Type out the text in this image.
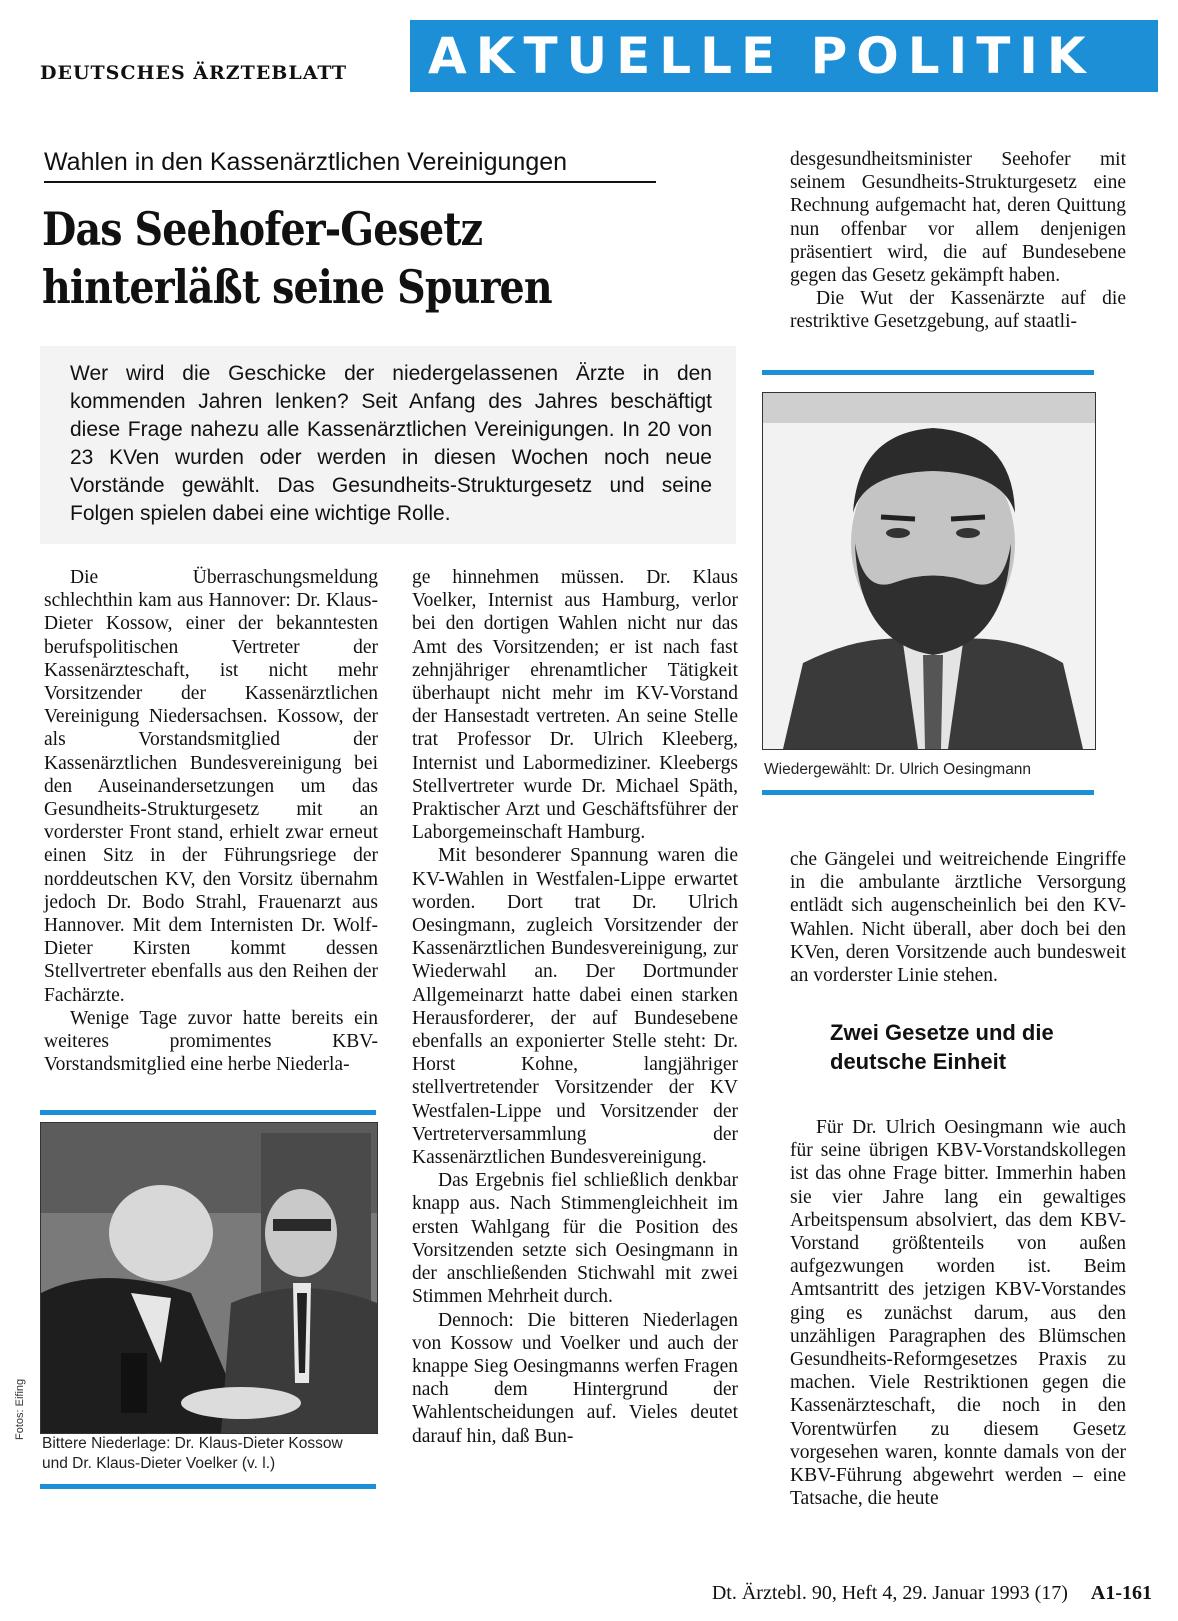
DEUTSCHES ÄRZTEBLATT AKTUELLE POLITIK
Wahlen in den Kassenärztlichen Vereinigungen
Das Seehofer-Gesetz
hinterläßt seine Spuren
Wer wird die Geschicke der niedergelassenen Ärzte in den kommenden Jahren lenken? Seit Anfang des Jahres beschäftigt diese Frage nahezu alle Kassenärztlichen Vereinigungen. In 20 von 23 KVen wurden oder werden in diesen Wochen noch neue Vorstände gewählt. Das Gesundheits-Strukturgesetz und seine Folgen spielen dabei eine wichtige Rolle.

Die Überraschungsmeldung schlechthin kam aus Hannover: Dr. Klaus-Dieter Kossow, einer der bekanntesten berufspolitischen Vertreter der Kassenärzteschaft, ist nicht mehr Vorsitzender der Kassenärztlichen Vereinigung Niedersachsen. Kossow, der als Vorstandsmitglied der Kassenärztlichen Bundesvereinigung bei den Auseinandersetzungen um das Gesundheits-Strukturgesetz mit an vorderster Front stand, erhielt zwar erneut einen Sitz in der Führungsriege der norddeutschen KV, den Vorsitz übernahm jedoch Dr. Bodo Strahl, Frauenarzt aus Hannover. Mit dem Internisten Dr. Wolf-Dieter Kirsten kommt dessen Stellvertreter ebenfalls aus den Reihen der Fachärzte.

Wenige Tage zuvor hatte bereits ein weiteres promimentes KBV-Vorstandsmitglied eine herbe Niederla-

Bittere Niederlage: Dr. Klaus-Dieter Kossow
und Dr. Klaus-Dieter Voelker (v. l.)
Fotos: Eifing

ge hinnehmen müssen. Dr. Klaus Voelker, Internist aus Hamburg, verlor bei den dortigen Wahlen nicht nur das Amt des Vorsitzenden; er ist nach fast zehnjähriger ehrenamtlicher Tätigkeit überhaupt nicht mehr im KV-Vorstand der Hansestadt vertreten. An seine Stelle trat Professor Dr. Ulrich Kleeberg, Internist und Labormediziner. Kleebergs Stellvertreter wurde Dr. Michael Späth, Praktischer Arzt und Geschäftsführer der Laborgemeinschaft Hamburg.

Mit besonderer Spannung waren die KV-Wahlen in Westfalen-Lippe erwartet worden. Dort trat Dr. Ulrich Oesingmann, zugleich Vorsitzender der Kassenärztlichen Bundesvereinigung, zur Wiederwahl an. Der Dortmunder Allgemeinarzt hatte dabei einen starken Herausforderer, der auf Bundesebene ebenfalls an exponierter Stelle steht: Dr. Horst Kohne, langjähriger stellvertretender Vorsitzender der KV Westfalen-Lippe und Vorsitzender der Vertreterversammlung der Kassenärztlichen Bundesvereinigung.

Das Ergebnis fiel schließlich denkbar knapp aus. Nach Stimmengleichheit im ersten Wahlgang für die Position des Vorsitzenden setzte sich Oesingmann in der anschließenden Stichwahl mit zwei Stimmen Mehrheit durch.

Dennoch: Die bitteren Niederlagen von Kossow und Voelker und auch der knappe Sieg Oesingmanns werfen Fragen nach dem Hintergrund der Wahlentscheidungen auf. Vieles deutet darauf hin, daß Bun-

desgesundheitsminister Seehofer mit seinem Gesundheits-Strukturgesetz eine Rechnung aufgemacht hat, deren Quittung nun offenbar vor allem denjenigen präsentiert wird, die auf Bundesebene gegen das Gesetz gekämpft haben.

Die Wut der Kassenärzte auf die restriktive Gesetzgebung, auf staatli-

Wiedergewählt: Dr. Ulrich Oesingmann

che Gängelei und weitreichende Eingriffe in die ambulante ärztliche Versorgung entlädt sich augenscheinlich bei den KV-Wahlen. Nicht überall, aber doch bei den KVen, deren Vorsitzende auch bundesweit an vorderster Linie stehen.

Zwei Gesetze und die deutsche Einheit

Für Dr. Ulrich Oesingmann wie auch für seine übrigen KBV-Vorstandskollegen ist das ohne Frage bitter. Immerhin haben sie vier Jahre lang ein gewaltiges Arbeitspensum absolviert, das dem KBV-Vorstand größtenteils von außen aufgezwungen worden ist. Beim Amtsantritt des jetzigen KBV-Vorstandes ging es zunächst darum, aus den unzähligen Paragraphen des Blümschen Gesundheits-Reformgesetzes Praxis zu machen. Viele Restriktionen gegen die Kassenärzteschaft, die noch in den Vorentwürfen zu diesem Gesetz vorgesehen waren, konnte damals von der KBV-Führung abgewehrt werden – eine Tatsache, die heute

Dt. Ärztebl. 90, Heft 4, 29. Januar 1993 (17) A1-161
